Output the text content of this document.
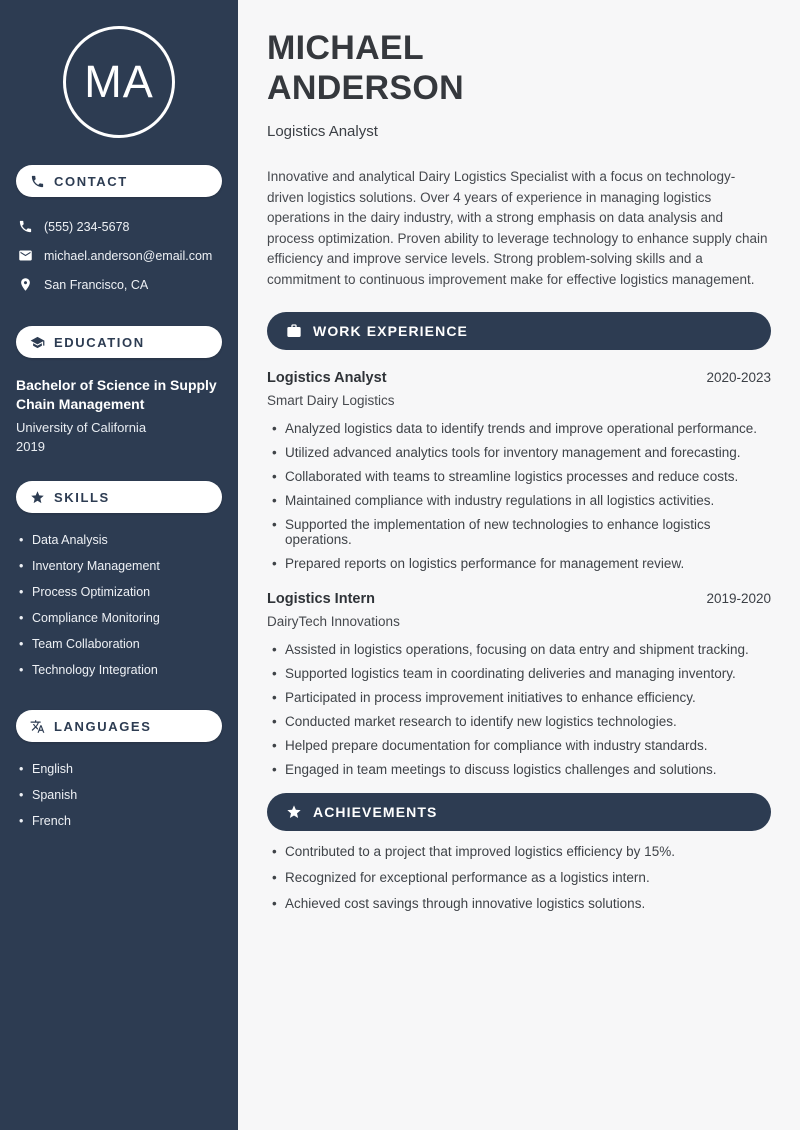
MA
CONTACT
(555) 234-5678
michael.anderson@email.com
San Francisco, CA
EDUCATION
Bachelor of Science in Supply Chain Management
University of California
2019
SKILLS
• Data Analysis
• Inventory Management
• Process Optimization
• Compliance Monitoring
• Team Collaboration
• Technology Integration
LANGUAGES
• English
• Spanish
• French
MICHAEL
ANDERSON
Logistics Analyst

Innovative and analytical Dairy Logistics Specialist with a focus on technology-driven logistics solutions. Over 4 years of experience in managing logistics operations in the dairy industry, with a strong emphasis on data analysis and process optimization. Proven ability to leverage technology to enhance supply chain efficiency and improve service levels. Strong problem-solving skills and a commitment to continuous improvement make for effective logistics management.

WORK EXPERIENCE
Logistics Analyst	2020-2023
Smart Dairy Logistics
• Analyzed logistics data to identify trends and improve operational performance.
• Utilized advanced analytics tools for inventory management and forecasting.
• Collaborated with teams to streamline logistics processes and reduce costs.
• Maintained compliance with industry regulations in all logistics activities.
• Supported the implementation of new technologies to enhance logistics operations.
• Prepared reports on logistics performance for management review.
Logistics Intern	2019-2020
DairyTech Innovations
• Assisted in logistics operations, focusing on data entry and shipment tracking.
• Supported logistics team in coordinating deliveries and managing inventory.
• Participated in process improvement initiatives to enhance efficiency.
• Conducted market research to identify new logistics technologies.
• Helped prepare documentation for compliance with industry standards.
• Engaged in team meetings to discuss logistics challenges and solutions.
ACHIEVEMENTS
• Contributed to a project that improved logistics efficiency by 15%.
• Recognized for exceptional performance as a logistics intern.
• Achieved cost savings through innovative logistics solutions.
